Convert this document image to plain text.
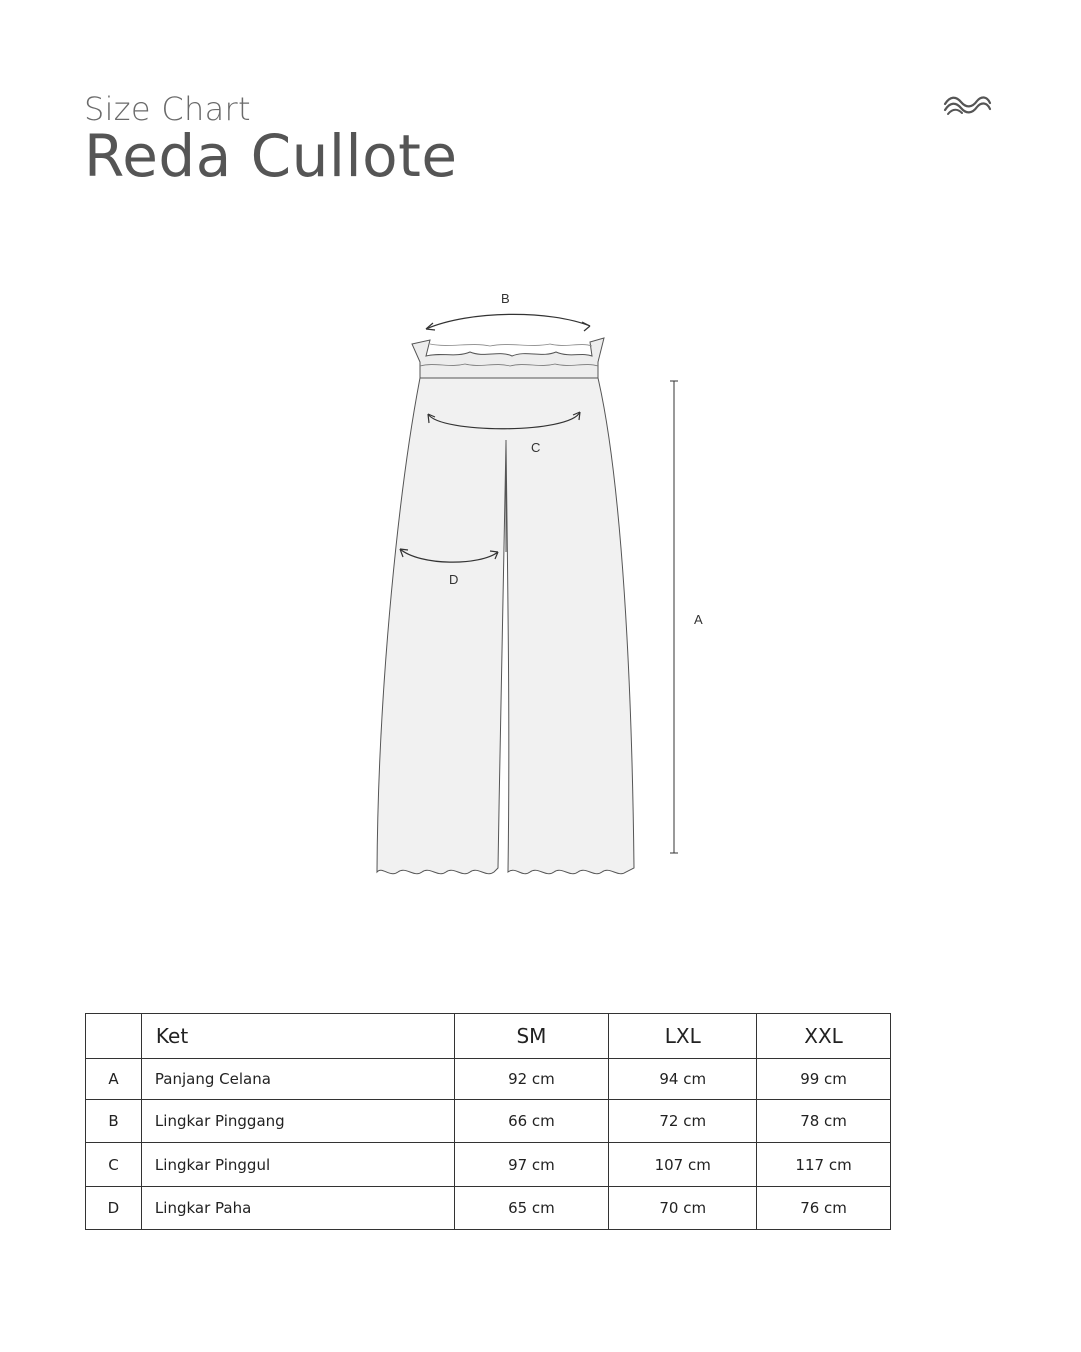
Size Chart
Reda Cullote
B
C
D
A
	Ket	SM	LXL	XXL
A	Panjang Celana	92 cm	94 cm	99 cm
B	Lingkar Pinggang	66 cm	72 cm	78 cm
C	Lingkar Pinggul	97 cm	107 cm	117 cm
D	Lingkar Paha	65 cm	70 cm	76 cm
